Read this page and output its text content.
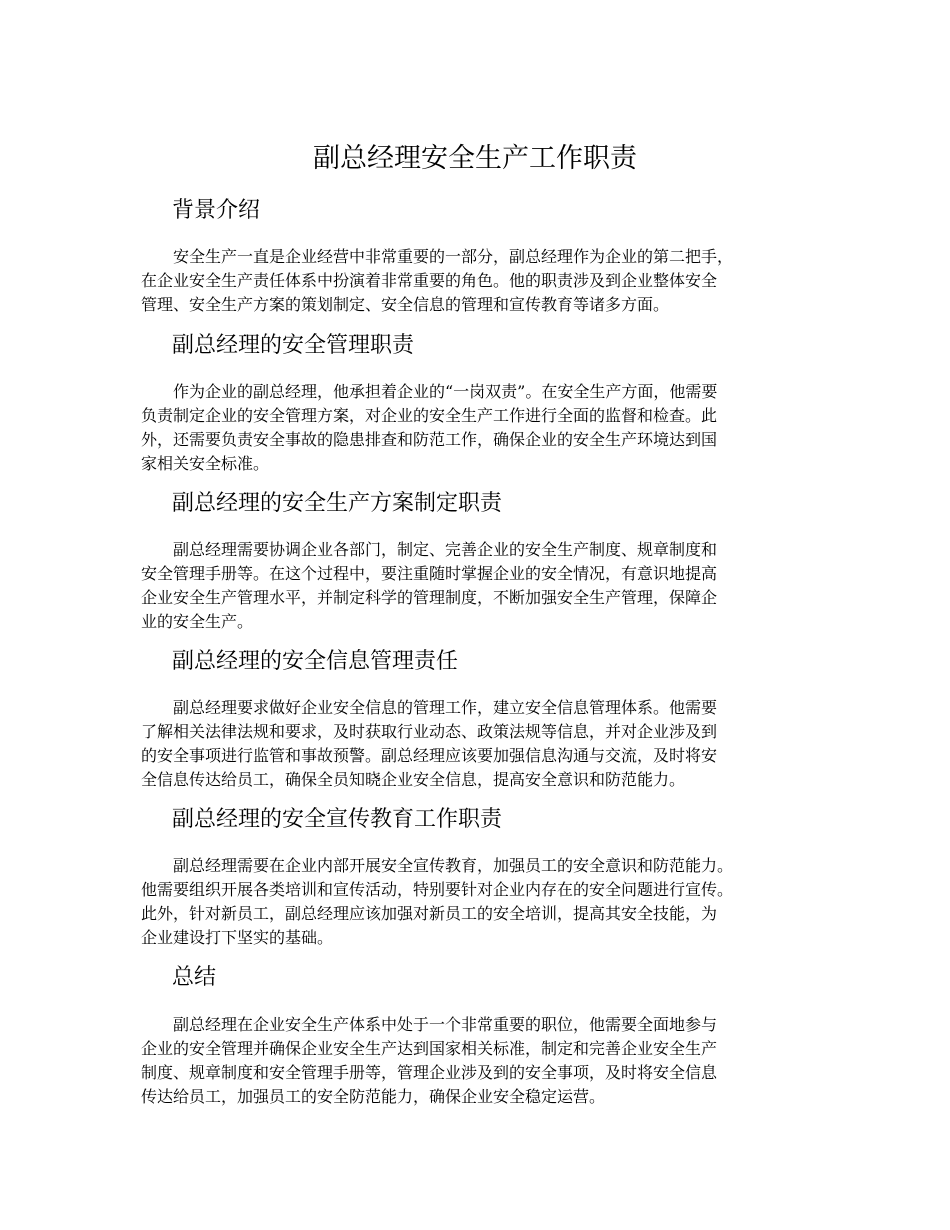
副总经理安全生产工作职责
背景介绍
安全生产一直是企业经营中非常重要的一部分，副总经理作为企业的第二把手，
在企业安全生产责任体系中扮演着非常重要的角色。他的职责涉及到企业整体安全
管理、安全生产方案的策划制定、安全信息的管理和宣传教育等诸多方面。
副总经理的安全管理职责
作为企业的副总经理，他承担着企业的“一岗双责”。在安全生产方面，他需要
负责制定企业的安全管理方案，对企业的安全生产工作进行全面的监督和检查。此
外，还需要负责安全事故的隐患排查和防范工作，确保企业的安全生产环境达到国
家相关安全标准。
副总经理的安全生产方案制定职责
副总经理需要协调企业各部门，制定、完善企业的安全生产制度、规章制度和
安全管理手册等。在这个过程中，要注重随时掌握企业的安全情况，有意识地提高
企业安全生产管理水平，并制定科学的管理制度，不断加强安全生产管理，保障企
业的安全生产。
副总经理的安全信息管理责任
副总经理要求做好企业安全信息的管理工作，建立安全信息管理体系。他需要
了解相关法律法规和要求，及时获取行业动态、政策法规等信息，并对企业涉及到
的安全事项进行监管和事故预警。副总经理应该要加强信息沟通与交流，及时将安
全信息传达给员工，确保全员知晓企业安全信息，提高安全意识和防范能力。
副总经理的安全宣传教育工作职责
副总经理需要在企业内部开展安全宣传教育，加强员工的安全意识和防范能力。
他需要组织开展各类培训和宣传活动，特别要针对企业内存在的安全问题进行宣传。
此外，针对新员工，副总经理应该加强对新员工的安全培训，提高其安全技能，为
企业建设打下坚实的基础。
总结
副总经理在企业安全生产体系中处于一个非常重要的职位，他需要全面地参与
企业的安全管理并确保企业安全生产达到国家相关标准，制定和完善企业安全生产
制度、规章制度和安全管理手册等，管理企业涉及到的安全事项，及时将安全信息
传达给员工，加强员工的安全防范能力，确保企业安全稳定运营。
